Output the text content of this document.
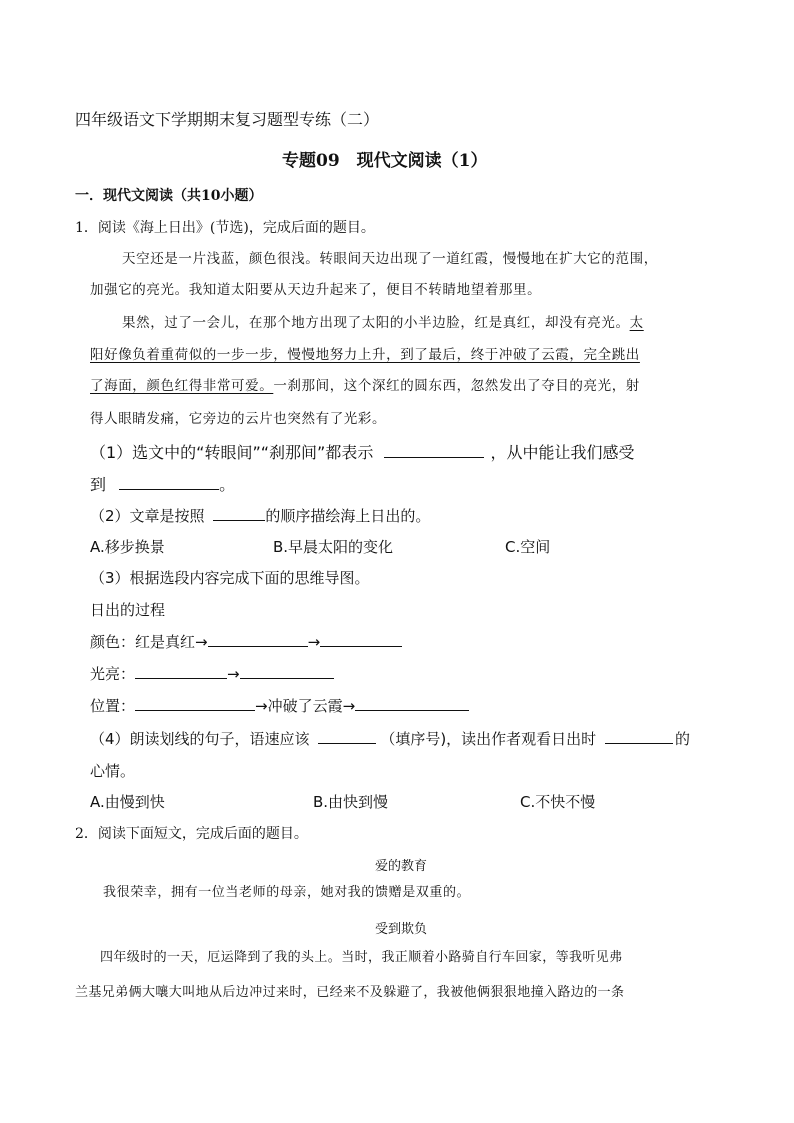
四年级语文下学期期末复习题型专练（二）
专题09　现代文阅读（1）
一．现代文阅读（共10小题）
1．阅读《海上日出》(节选)，完成后面的题目。
天空还是一片浅蓝，颜色很浅。转眼间天边出现了一道红霞，慢慢地在扩大它的范围，
加强它的亮光。我知道太阳要从天边升起来了，便目不转睛地望着那里。
果然，过了一会儿，在那个地方出现了太阳的小半边脸，红是真红，却没有亮光。太
阳好像负着重荷似的一步一步，慢慢地努力上升，到了最后，终于冲破了云霞，完全跳出
了海面，颜色红得非常可爱。一刹那间，这个深红的圆东西，忽然发出了夺目的亮光，射
得人眼睛发痛，它旁边的云片也突然有了光彩。
（1）选文中的“转眼间”“刹那间”都表示	，从中能让我们感受
到	。
（2）文章是按照	的顺序描绘海上日出的。
A.移步换景	B.早晨太阳的变化	C.空间
（3）根据选段内容完成下面的思维导图。
日出的过程
颜色：红是真红→	→
光亮：	→
位置：	→冲破了云霞→
（4）朗读划线的句子，语速应该	（填序号)，读出作者观看日出时	的
心情。
A.由慢到快	B.由快到慢	C.不快不慢
2．阅读下面短文，完成后面的题目。
爱的教育
我很荣幸，拥有一位当老师的母亲，她对我的馈赠是双重的。
受到欺负
四年级时的一天，厄运降到了我的头上。当时，我正顺着小路骑自行车回家，等我听见弗
兰基兄弟俩大嚷大叫地从后边冲过来时，已经来不及躲避了，我被他俩狠狠地撞入路边的一条
